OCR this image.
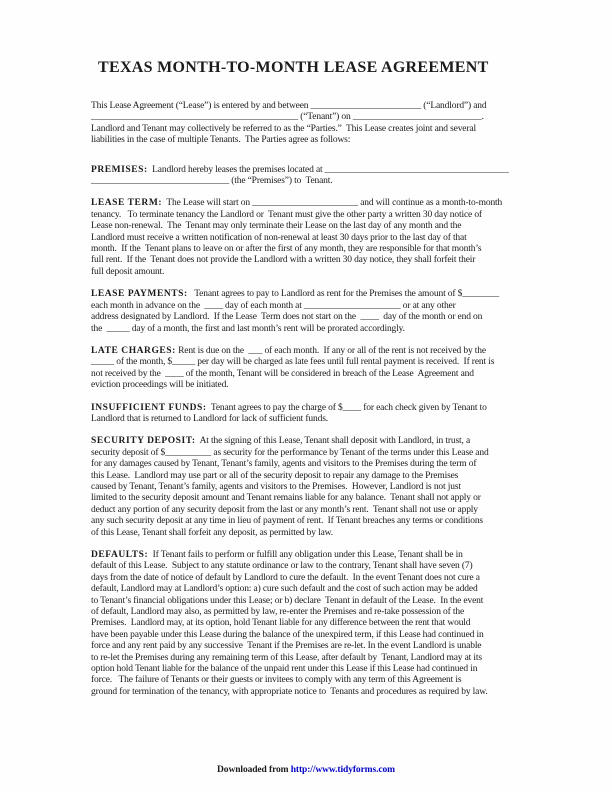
TEXAS MONTH-TO-MONTH LEASE AGREEMENT
This Lease Agreement (“Lease”) is entered by and between ________________________ (“Landlord”) and
_____________________________________________ (“Tenant”) on ____________________________.
Landlord and Tenant may collectively be referred to as the “Parties.”  This Lease creates joint and several
liabilities in the case of multiple Tenants.  The Parties agree as follows:
PREMISES:  Landlord hereby leases the premises located at ________________________________________
______________________________ (the “Premises”) to  Tenant.
LEASE TERM:  The Lease will start on _______________________ and will continue as a month-to-month
tenancy.   To terminate tenancy the Landlord or  Tenant must give the other party a written 30 day notice of
Lease non-renewal.  The  Tenant may only terminate their Lease on the last day of any month and the
Landlord must receive a written notification of non-renewal at least 30 days prior to the last day of that
month.  If the  Tenant plans to leave on or after the first of any month, they are responsible for that month’s
full rent.  If the  Tenant does not provide the Landlord with a written 30 day notice, they shall forfeit their
full deposit amount.
LEASE PAYMENTS:   Tenant agrees to pay to Landlord as rent for the Premises the amount of $________
each month in advance on the  ____ day of each month at _____________________ or at any other
address designated by Landlord.  If the Lease  Term does not start on the  ____  day of the month or end on
the  _____ day of a month, the first and last month’s rent will be prorated accordingly.
LATE CHARGES: Rent is due on the  ___ of each month.  If any or all of the rent is not received by the
_____ of the month, $_____ per day will be charged as late fees until full rental payment is received.  If rent is
not received by the  ____ of the month, Tenant will be considered in breach of the Lease  Agreement and
eviction proceedings will be initiated.
INSUFFICIENT FUNDS:  Tenant agrees to pay the charge of $____ for each check given by Tenant to
Landlord that is returned to Landlord for lack of sufficient funds.
SECURITY DEPOSIT:  At the signing of this Lease, Tenant shall deposit with Landlord, in trust, a
security deposit of $__________ as security for the performance by Tenant of the terms under this Lease and
for any damages caused by Tenant, Tenant’s family, agents and visitors to the Premises during the term of
this Lease.  Landlord may use part or all of the security deposit to repair any damage to the Premises
caused by Tenant, Tenant’s family, agents and visitors to the Premises.  However, Landlord is not just
limited to the security deposit amount and Tenant remains liable for any balance.  Tenant shall not apply or
deduct any portion of any security deposit from the last or any month’s rent.  Tenant shall not use or apply
any such security deposit at any time in lieu of payment of rent.  If Tenant breaches any terms or conditions
of this Lease, Tenant shall forfeit any deposit, as permitted by law.
DEFAULTS:  If Tenant fails to perform or fulfill any obligation under this Lease, Tenant shall be in
default of this Lease.  Subject to any statute ordinance or law to the contrary, Tenant shall have seven (7)
days from the date of notice of default by Landlord to cure the default.  In the event Tenant does not cure a
default, Landlord may at Landlord’s option: a) cure such default and the cost of such action may be added
to Tenant’s financial obligations under this Lease; or b) declare  Tenant in default of the Lease.  In the event
of default, Landlord may also, as permitted by law, re-enter the Premises and re-take possession of the
Premises.  Landlord may, at its option, hold Tenant liable for any difference between the rent that would
have been payable under this Lease during the balance of the unexpired term, if this Lease had continued in
force and any rent paid by any successive  Tenant if the Premises are re-let. In the event Landlord is unable
to re-let the Premises during any remaining term of this Lease, after default by  Tenant, Landlord may at its
option hold Tenant liable for the balance of the unpaid rent under this Lease if this Lease had continued in
force.   The failure of Tenants or their guests or invitees to comply with any term of this Agreement is
ground for termination of the tenancy, with appropriate notice to  Tenants and procedures as required by law.
Downloaded from http://www.tidyforms.com
